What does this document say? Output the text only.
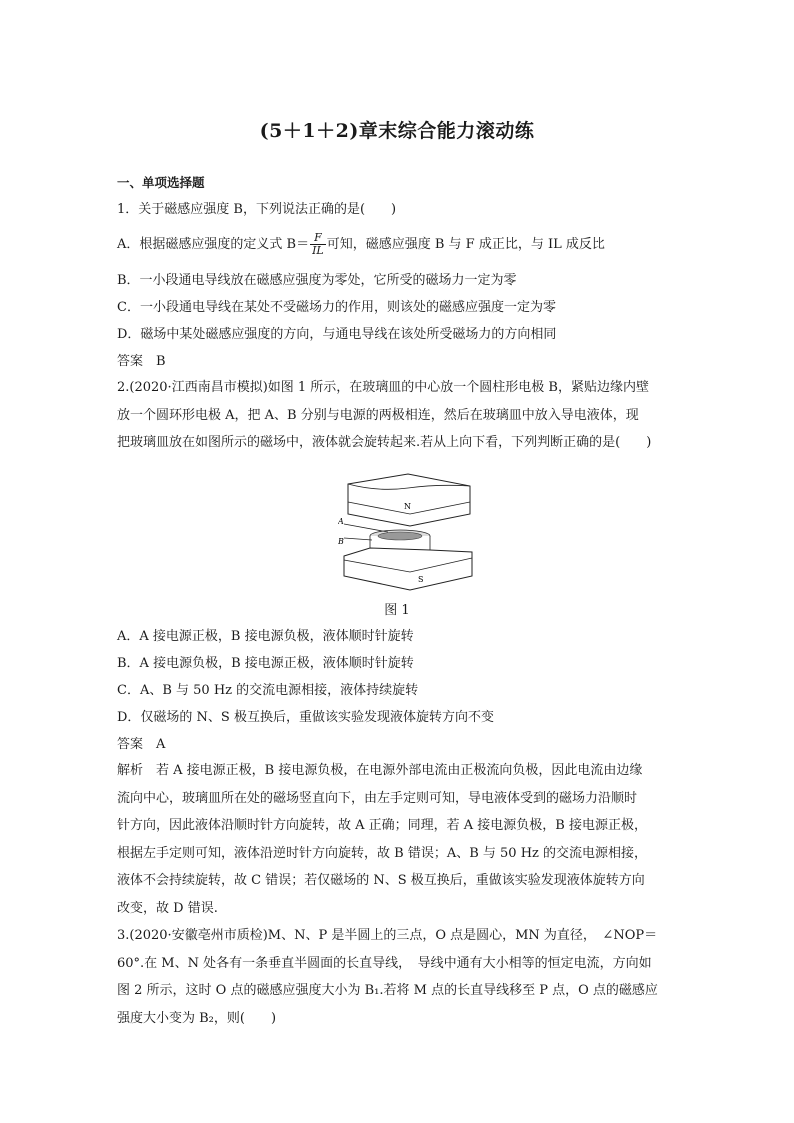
(5＋1＋2)章末综合能力滚动练
一、单项选择题
1．关于磁感应强度 B，下列说法正确的是(　　)
A．根据磁感应强度的定义式 $B= \frac{F}{IL}$ 可知，磁感应强度 B 与 F 成正比，与 IL 成反比
B．一小段通电导线放在磁感应强度为零处，它所受的磁场力一定为零
C．一小段通电导线在某处不受磁场力的作用，则该处的磁感应强度一定为零
D．磁场中某处磁感应强度的方向，与通电导线在该处所受磁场力的方向相同
答案　B
2.(2020·江西南昌市模拟)如图 1 所示，在玻璃皿的中心放一个圆柱形电极 B，紧贴边缘内壁
放一个圆环形电极 A，把 A、B 分别与电源的两极相连，然后在玻璃皿中放入导电液体，现
把玻璃皿放在如图所示的磁场中，液体就会旋转起来.若从上向下看，下列判断正确的是(　　)
N
A
B
S
图 1
A．A 接电源正极，B 接电源负极，液体顺时针旋转
B．A 接电源负极，B 接电源正极，液体顺时针旋转
C．A、B 与 50 Hz 的交流电源相接，液体持续旋转
D．仅磁场的 N、S 极互换后，重做该实验发现液体旋转方向不变
答案　A
解析　若 A 接电源正极，B 接电源负极，在电源外部电流由正极流向负极，因此电流由边缘
流向中心，玻璃皿所在处的磁场竖直向下，由左手定则可知，导电液体受到的磁场力沿顺时
针方向，因此液体沿顺时针方向旋转，故 A 正确；同理，若 A 接电源负极，B 接电源正极，
根据左手定则可知，液体沿逆时针方向旋转，故 B 错误；A、B 与 50 Hz 的交流电源相接，
液体不会持续旋转，故 C 错误；若仅磁场的 N、S 极互换后，重做该实验发现液体旋转方向
改变，故 D 错误.
3.(2020·安徽亳州市质检)M、N、P 是半圆上的三点，O 点是圆心，MN 为直径，　∠NOP＝
60°.在 M、N 处各有一条垂直半圆面的长直导线，　导线中通有大小相等的恒定电流，方向如
图 2 所示，这时 O 点的磁感应强度大小为 B₁.若将 M 点的长直导线移至 P 点，O 点的磁感应
强度大小变为 B₂，则(　　)
